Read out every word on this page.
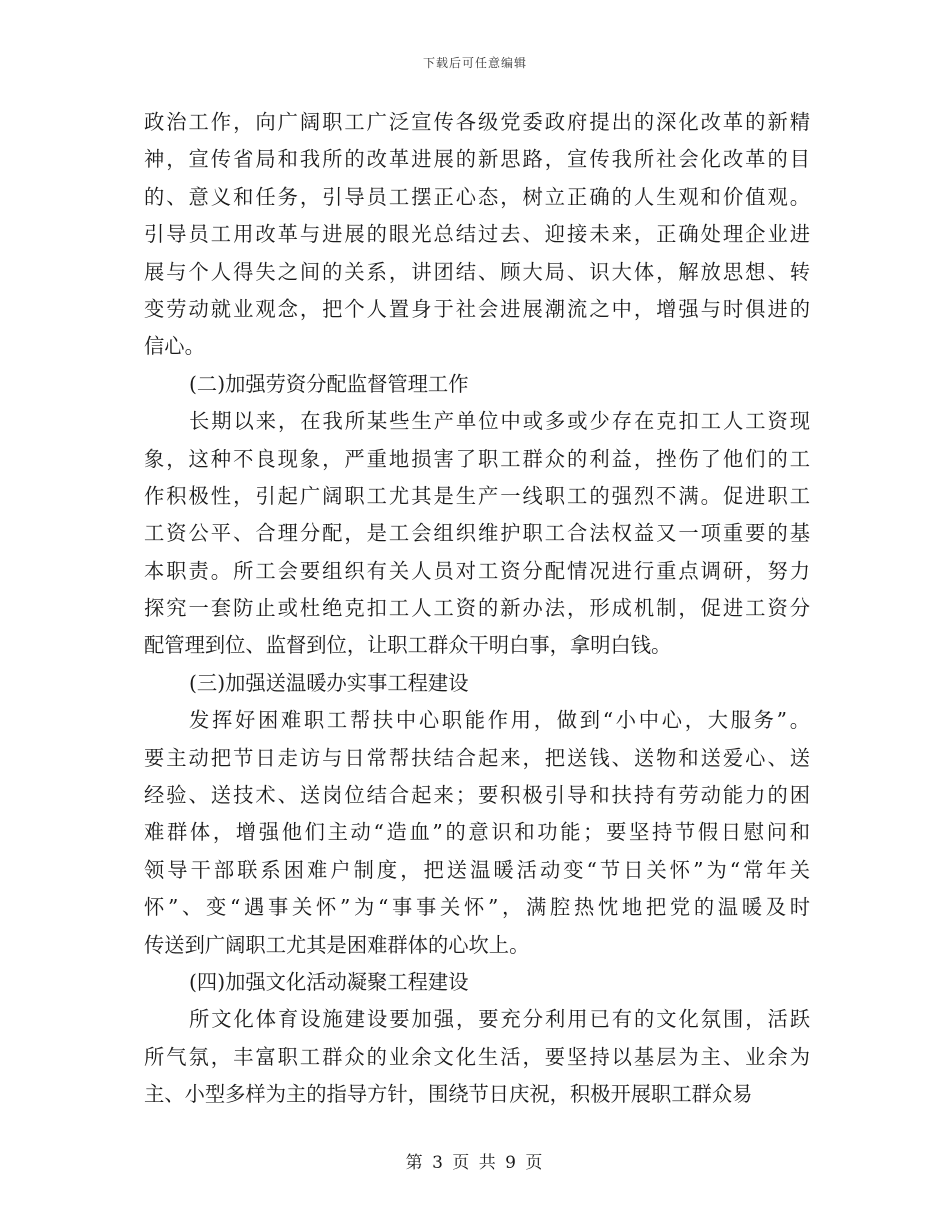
下载后可任意编辑
政治工作，向广阔职工广泛宣传各级党委政府提出的深化改革的新精
神，宣传省局和我所的改革进展的新思路，宣传我所社会化改革的目
的、意义和任务，引导员工摆正心态，树立正确的人生观和价值观。
引导员工用改革与进展的眼光总结过去、迎接未来，正确处理企业进
展与个人得失之间的关系，讲团结、顾大局、识大体，解放思想、转
变劳动就业观念，把个人置身于社会进展潮流之中，增强与时俱进的
信心。
(二)加强劳资分配监督管理工作
长期以来，在我所某些生产单位中或多或少存在克扣工人工资现
象，这种不良现象，严重地损害了职工群众的利益，挫伤了他们的工
作积极性，引起广阔职工尤其是生产一线职工的强烈不满。促进职工
工资公平、合理分配，是工会组织维护职工合法权益又一项重要的基
本职责。所工会要组织有关人员对工资分配情况进行重点调研，努力
探究一套防止或杜绝克扣工人工资的新办法，形成机制，促进工资分
配管理到位、监督到位，让职工群众干明白事，拿明白钱。
(三)加强送温暖办实事工程建设
发挥好困难职工帮扶中心职能作用，做到“小中心，大服务”。
要主动把节日走访与日常帮扶结合起来，把送钱、送物和送爱心、送
经验、送技术、送岗位结合起来；要积极引导和扶持有劳动能力的困
难群体，增强他们主动“造血”的意识和功能；要坚持节假日慰问和
领导干部联系困难户制度，把送温暖活动变“节日关怀”为“常年关
怀”、变“遇事关怀”为“事事关怀”，满腔热忱地把党的温暖及时
传送到广阔职工尤其是困难群体的心坎上。
(四)加强文化活动凝聚工程建设
所文化体育设施建设要加强，要充分利用已有的文化氛围，活跃
所气氛，丰富职工群众的业余文化生活，要坚持以基层为主、业余为
主、小型多样为主的指导方针，围绕节日庆祝，积极开展职工群众易
第 3 页 共 9 页
